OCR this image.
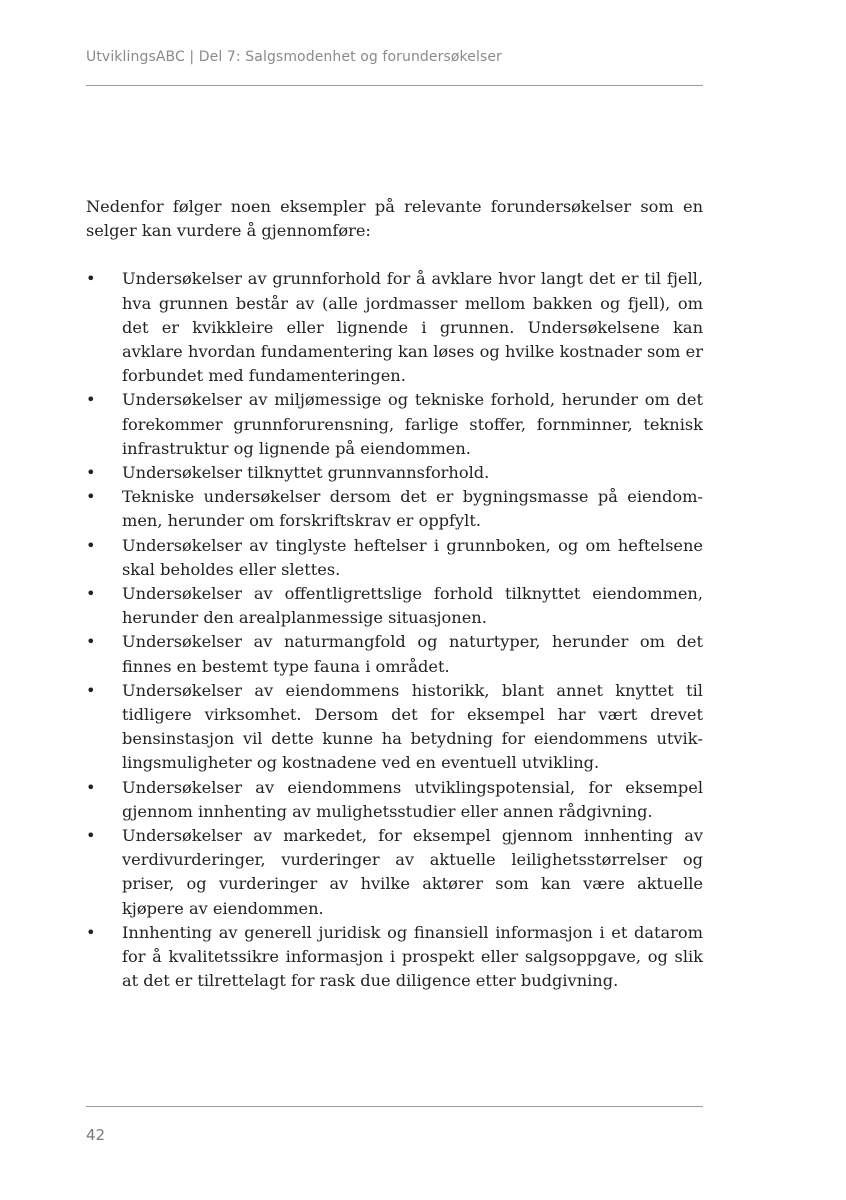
UtviklingsABC | Del 7: Salgsmodenhet og forundersøkelser

Nedenfor følger noen eksempler på relevante forundersøkelser som en selger kan vurdere å gjennomføre:

• Undersøkelser av grunnforhold for å avklare hvor langt det er til fjell, hva grunnen består av (alle jordmasser mellom bakken og fjell), om det er kvikkleire eller lignende i grunnen. Undersøkelsene kan avklare hvordan fundamentering kan løses og hvilke kostnader som er forbundet med fundamenteringen.
• Undersøkelser av miljømessige og tekniske forhold, herunder om det forekommer grunnforurensning, farlige stoffer, fornminner, teknisk infrastruktur og lignende på eiendommen.
• Undersøkelser tilknyttet grunnvannsforhold.
• Tekniske undersøkelser dersom det er bygningsmasse på eiendommen, herunder om forskriftskrav er oppfylt.
• Undersøkelser av tinglyste heftelser i grunnboken, og om heftelsene skal beholdes eller slettes.
• Undersøkelser av offentligrettslige forhold tilknyttet eiendommen, herunder den arealplanmessige situasjonen.
• Undersøkelser av naturmangfold og naturtyper, herunder om det finnes en bestemt type fauna i området.
• Undersøkelser av eiendommens historikk, blant annet knyttet til tidligere virksomhet. Dersom det for eksempel har vært drevet bensinstasjon vil dette kunne ha betydning for eiendommens utviklingsmuligheter og kostnadene ved en eventuell utvikling.
• Undersøkelser av eiendommens utviklingspotensial, for eksempel gjennom innhenting av mulighetsstudier eller annen rådgivning.
• Undersøkelser av markedet, for eksempel gjennom innhenting av verdivurderinger, vurderinger av aktuelle leilighetsstørrelser og priser, og vurderinger av hvilke aktører som kan være aktuelle kjøpere av eiendommen.
• Innhenting av generell juridisk og finansiell informasjon i et datarom for å kvalitetssikre informasjon i prospekt eller salgsoppgave, og slik at det er tilrettelagt for rask due diligence etter budgivning.
42
